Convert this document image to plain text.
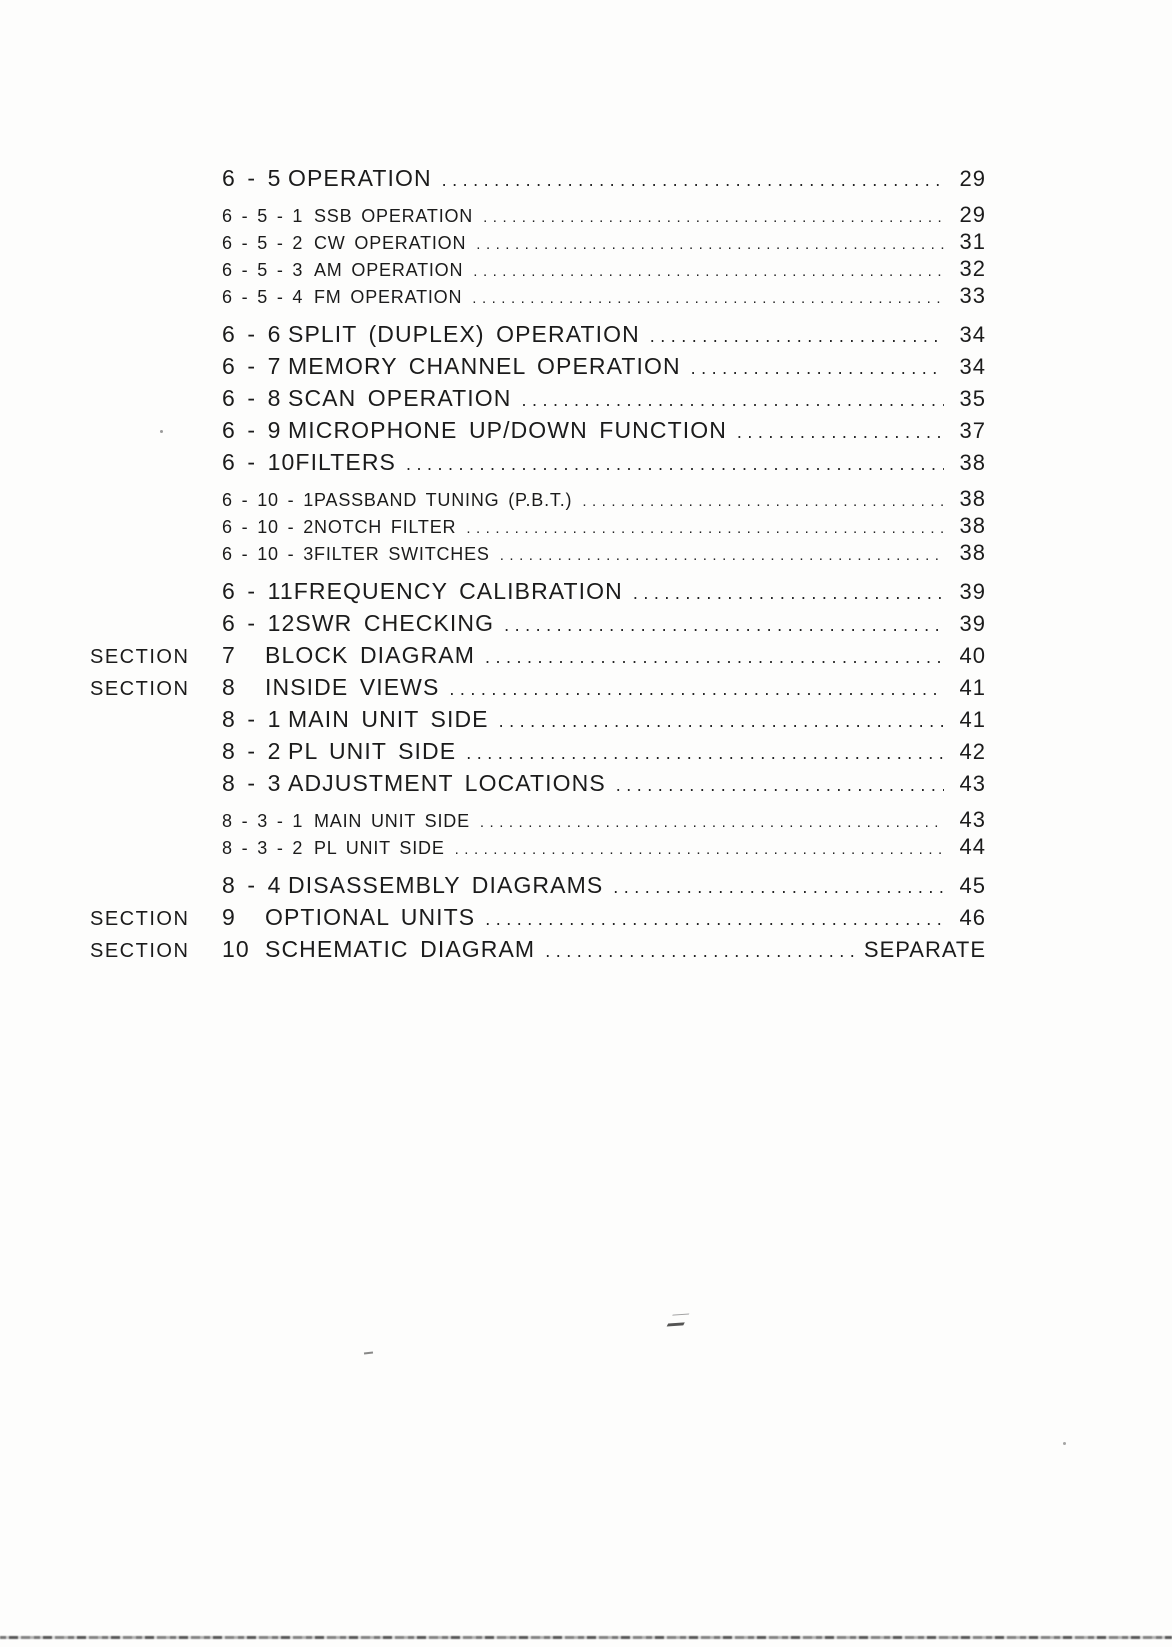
6 - 5 OPERATION .....	29
6 - 5 - 1 SSB OPERATION .....	29
6 - 5 - 2 CW OPERATION .....	31
6 - 5 - 3 AM OPERATION .....	32
6 - 5 - 4 FM OPERATION .....	33
6 - 6 SPLIT (DUPLEX) OPERATION .....	34
6 - 7 MEMORY CHANNEL OPERATION .....	34
6 - 8 SCAN OPERATION .....	35
6 - 9 MICROPHONE UP/DOWN FUNCTION .....	37
6 - 10 FILTERS .....	38
6 - 10 - 1 PASSBAND TUNING (P.B.T.) .....	38
6 - 10 - 2 NOTCH FILTER .....	38
6 - 10 - 3 FILTER SWITCHES .....	38
6 - 11 FREQUENCY CALIBRATION .....	39
6 - 12 SWR CHECKING .....	39
SECTION	7	BLOCK DIAGRAM .....	40
SECTION	8	INSIDE VIEWS .....	41
8 - 1 MAIN UNIT SIDE .....	41
8 - 2 PL UNIT SIDE .....	42
8 - 3 ADJUSTMENT LOCATIONS .....	43
8 - 3 - 1 MAIN UNIT SIDE .....	43
8 - 3 - 2 PL UNIT SIDE .....	44
8 - 4 DISASSEMBLY DIAGRAMS .....	45
SECTION	9	OPTIONAL UNITS .....	46
SECTION	10 SCHEMATIC DIAGRAM .....	SEPARATE
